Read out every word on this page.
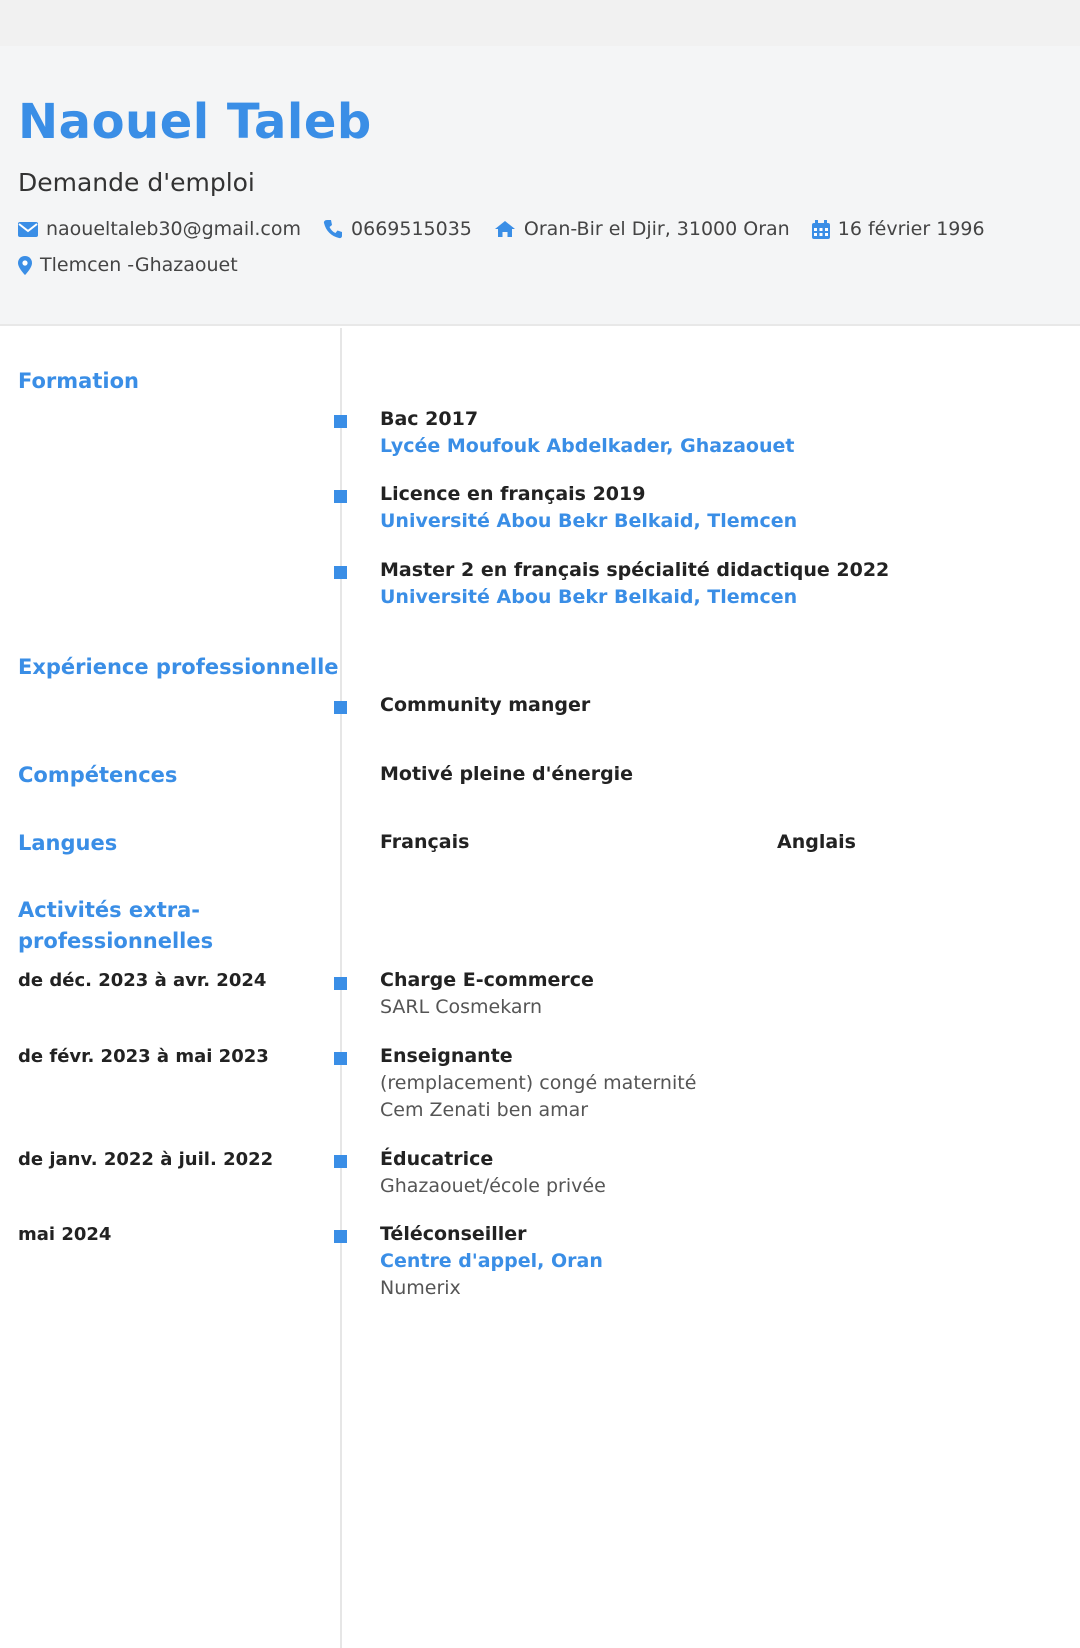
Naouel Taleb
Demande d'emploi
naoueltaleb30@gmail.com	0669515035	Oran-Bir el Djir, 31000 Oran	16 février 1996
Tlemcen -Ghazaouet
Formation
Bac 2017
Lycée Moufouk Abdelkader, Ghazaouet
Licence en français 2019
Université Abou Bekr Belkaid, Tlemcen
Master 2 en français spécialité didactique 2022
Université Abou Bekr Belkaid, Tlemcen
Expérience professionnelle
Community manger
Compétences	Motivé pleine d'énergie
Langues	Français	Anglais
Activités extra-professionnelles
de déc. 2023 à avr. 2024	Charge E-commerce
SARL Cosmekarn
de févr. 2023 à mai 2023	Enseignante
(remplacement) congé maternité
Cem Zenati ben amar
de janv. 2022 à juil. 2022	Éducatrice
Ghazaouet/école privée
mai 2024	Téléconseiller
Centre d'appel, Oran
Numerix
